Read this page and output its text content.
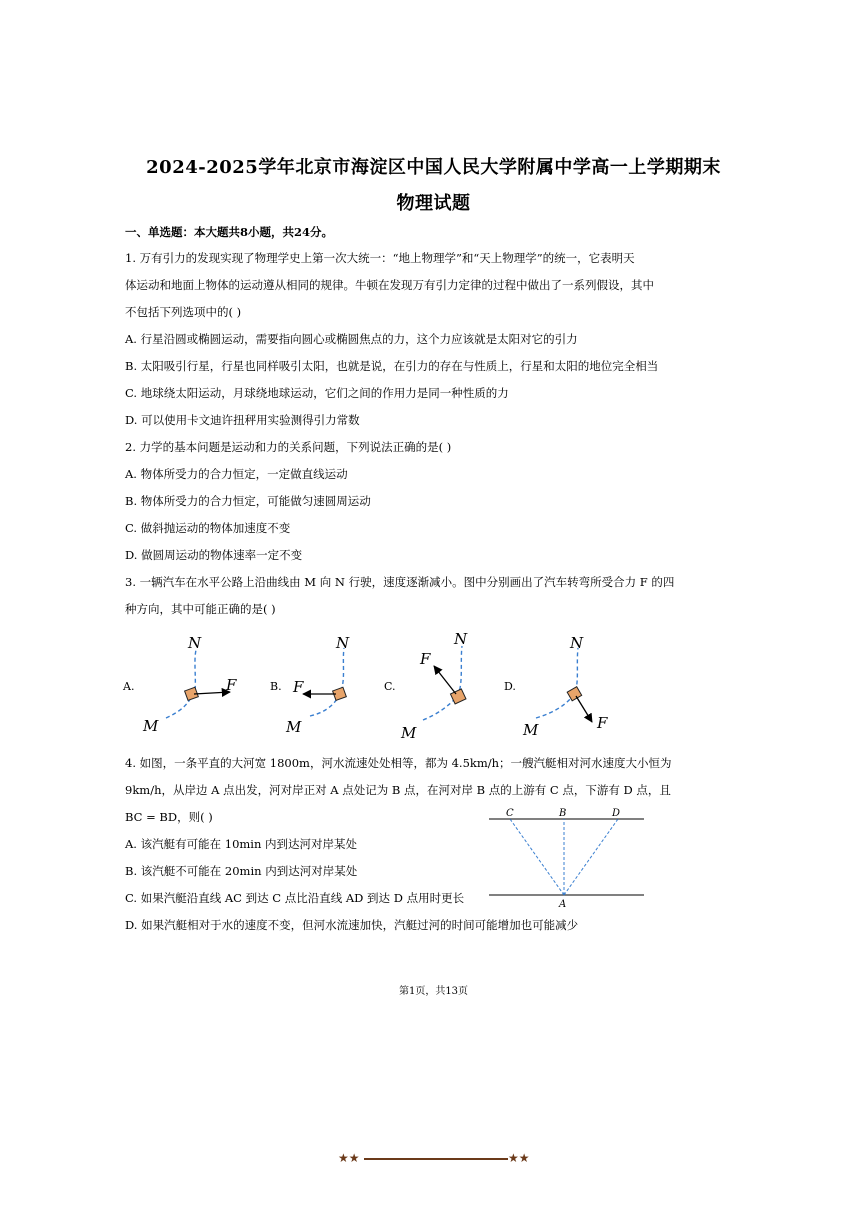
2024-2025学年北京市海淀区中国人民大学附属中学高一上学期期末
物理试题
一、单选题：本大题共8小题，共24分。
1. 万有引力的发现实现了物理学史上第一次大统一：“地上物理学”和“天上物理学”的统一，它表明天
体运动和地面上物体的运动遵从相同的规律。牛顿在发现万有引力定律的过程中做出了一系列假设，其中
不包括下列选项中的( )
A. 行星沿圆或椭圆运动，需要指向圆心或椭圆焦点的力，这个力应该就是太阳对它的引力
B. 太阳吸引行星，行星也同样吸引太阳，也就是说，在引力的存在与性质上，行星和太阳的地位完全相当
C. 地球绕太阳运动，月球绕地球运动，它们之间的作用力是同一种性质的力
D. 可以使用卡文迪许扭秤用实验测得引力常数
2. 力学的基本问题是运动和力的关系问题，下列说法正确的是( )
A. 物体所受力的合力恒定，一定做直线运动
B. 物体所受力的合力恒定，可能做匀速圆周运动
C. 做斜抛运动的物体加速度不变
D. 做圆周运动的物体速率一定不变
3. 一辆汽车在水平公路上沿曲线由 M 向 N 行驶，速度逐渐减小。图中分别画出了汽车转弯所受合力 F 的四
种方向，其中可能正确的是( )
A.
N
M
F	B.
N
M
F	C.
N
M
F
D.
N
M	F
4. 如图，一条平直的大河宽 1800m，河水流速处处相等，都为 4.5km/h；一艘汽艇相对河水速度大小恒为
9km/h，从岸边 A 点出发，河对岸正对 A 点处记为 B 点，在河对岸 B 点的上游有 C 点，下游有 D 点，且
BC = BD，则( )
A. 该汽艇有可能在 10min 内到达河对岸某处
B. 该汽艇不可能在 20min 内到达河对岸某处
C. 如果汽艇沿直线 AC 到达 C 点比沿直线 AD 到达 D 点用时更长
D. 如果汽艇相对于水的速度不变，但河水流速加快，汽艇过河的时间可能增加也可能减少
C	B	D
A
第1页，共13页
★★	★★
